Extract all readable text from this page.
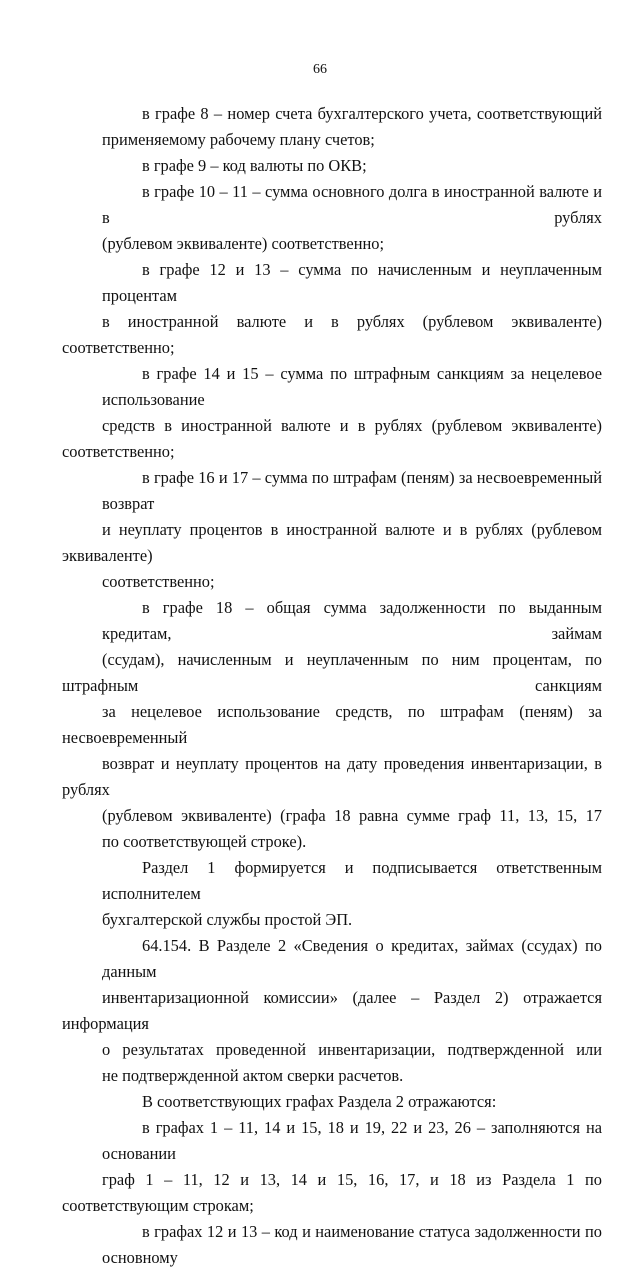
66
в графе 8 – номер счета бухгалтерского учета, соответствующий
применяемому рабочему плану счетов;
в графе 9 – код валюты по ОКВ;
в графе 10 – 11 – сумма основного долга в иностранной валюте и в рублях
(рублевом эквиваленте) соответственно;
в графе 12 и 13 – сумма по начисленным и неуплаченным процентам
в иностранной валюте и в рублях (рублевом эквиваленте) соответственно;
в графе 14 и 15 – сумма по штрафным санкциям за нецелевое использование
средств в иностранной валюте и в рублях (рублевом эквиваленте) соответственно;
в графе 16 и 17 – сумма по штрафам (пеням) за несвоевременный возврат
и неуплату процентов в иностранной валюте и в рублях (рублевом эквиваленте)
соответственно;
в графе 18 – общая сумма задолженности по выданным кредитам, займам
(ссудам), начисленным и неуплаченным по ним процентам, по штрафным санкциям
за нецелевое использование средств, по штрафам (пеням) за несвоевременный
возврат и неуплату процентов на дату проведения инвентаризации, в рублях
(рублевом эквиваленте) (графа 18 равна сумме граф 11, 13, 15, 17
по соответствующей строке).
Раздел 1 формируется и подписывается ответственным исполнителем
бухгалтерской службы простой ЭП.
64.154. В Разделе 2 «Сведения о кредитах, займах (ссудах) по данным
инвентаризационной комиссии» (далее – Раздел 2) отражается информация
о результатах проведенной инвентаризации, подтвержденной или
не подтвержденной актом сверки расчетов.
В соответствующих графах Раздела 2 отражаются:
в графах 1 – 11, 14 и 15, 18 и 19, 22 и 23, 26 – заполняются на основании
граф 1 – 11, 12 и 13, 14 и 15, 16, 17, и 18 из Раздела 1 по соответствующим строкам;
в графах 12 и 13 – код и наименование статуса задолженности по основному
